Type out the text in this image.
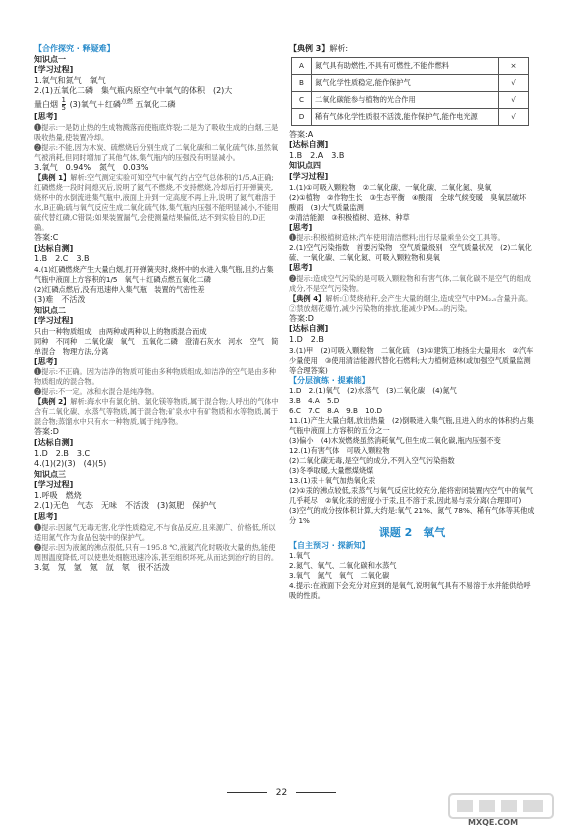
【合作探究 · 释疑难】

知识点一

[学习过程]

1.氧气和氮气　氧气

2.(1)五氧化二磷　集气瓶内原空气中氧气的体积　(2)大

量白烟 $\frac{1}{5} (3)$氧气＋红磷$^{点燃}$ 五氧化二磷

[思考]

❶提示:一是防止热的生成物溅落而使瓶底炸裂;二是为了吸收生成的白烟,三是吸收热量,使装置冷却。

❷提示:不能,因为木炭、硫燃烧后分别生成了二氧化碳和二氧化硫气体,虽然氧气被消耗,但同时增加了其他气体,集气瓶内的压强没有明显减小。

3.氧气　0.94%　氮气　0.03%

【典例 1】解析:空气测定实验可知空气中氧气约占空气总体积的1/5,A正确;红磷燃烧一段时间熄灭后,说明了氮气不燃烧,不支持燃烧,冷却后打开弹簧夹,烧杯中的水倒流进集气瓶中,液面上升到一定高度不再上升,说明了氮气难溶于水,B正确;硫与氧气反应生成二氧化硫气体,集气瓶内压强不能明显减小,不能用硫代替红磷,C错误;如果装置漏气,会使测量结果偏低,达不到实验目的,D正确。

答案:C

[达标自测]

1.B　2.C　3.B

4.(1)红磷燃烧产生大量白烟,打开弹簧夹时,烧杯中的水进入集气瓶,且约占集气瓶中液面上方容积的1/5　氧气＋红磷点燃五氧化二磷

(2)红磷点燃后,没有迅速伸入集气瓶　装置的气密性差

(3)难　不活泼

知识点二

[学习过程]

只由一种物质组成　由两种或两种以上的物质混合而成

同种　不同种　二氧化碳　氧气　五氧化二磷　澄清石灰水　河水　空气　简单混合　物理方法,分离

[思考]

❶提示:不正确。因为洁净的物质可能由多种物质组成,如洁净的空气是由多种物质组成的混合物。

❷提示:不一定。冰和水混合是纯净物。

【典例 2】解析:海水中有氯化钠、氯化镁等物质,属于混合物;人呼出的气体中含有二氧化碳、水蒸气等物质,属于混合物;矿泉水中有矿物质和水等物质,属于混合物;蒸馏水中只有水一种物质,属于纯净物。

答案:D

[达标自测]

1.D　2.B　3.C

4.(1)(2)(3)　(4)(5)

知识点三

[学习过程]

1.呼吸　燃烧

2.(1)无色　气态　无味　不活泼　(3)氮肥　保护气

[思考]

❶提示:因氮气无毒无害,化学性质稳定,不与食品反应,且来源广、价格低,所以适用氮气作为食品包装中的保护气。

❷提示:因为液氮的沸点很低,只有－195.8 ℃,液氮汽化时吸收大量的热,能使周围温度降低,可以使患处细胞迅速冷冻,甚至组织坏死,从而达到治疗的目的。

3.氦　氖　氩　氪　氙　氡　很不活泼

【典例 3】解析:

A	氮气具有助燃性,不具有可燃性,不能作燃料	×
B	氮气化学性质稳定,能作保护气	√
C	二氧化碳能参与植物的光合作用	√
D	稀有气体化学性质很不活泼,能作保护气,能作电光源	√

答案:A

[达标自测]

1.B　2.A　3.B

知识点四

[学习过程]

1.(1)①可吸入颗粒物　②二氧化碳、一氧化碳、二氧化氮、臭氧

(2)①植物　②作物生长　③生态平衡　④酸雨　全球气候变暖　臭氧层破坏　酸雨　(3)大气质量监测

②清洁能源　③积极植树、造林、种草

[思考]

❶提示:积极植树造林;汽车使用清洁燃料;出行尽量乘坐公交工具等。

2.(1)空气污染指数　首要污染物　空气质量级别　空气质量状况　(2)二氧化硫、一氧化碳、二氧化氮、可吸入颗粒物和臭氧

[思考]

❷提示:造成空气污染的是可吸入颗粒物和有害气体,二氧化碳不是空气的组成成分,不是空气污染物。

【典例 4】解析:①焚烧秸秆,会产生大量的烟尘,造成空气中PM₂.₅含量升高。②禁放烟花爆竹,减少污染物的排放,能减少PM₂.₅的污染。

答案:D

[达标自测]

1.D　2.B

3.(1)甲　(2)可吸入颗粒物　二氧化硫　(3)①建筑工地扬尘大量用水　②汽车少量使用　③使用清洁能源代替化石燃料;大力植树造林(或加强空气质量监测等合理答案)

【分层演练 · 提素能】

1.D　2.(1)氧气　(2)水蒸气　(3)二氧化碳　(4)氮气

3.B　4.A　5.D

6.C　7.C　8.A　9.B　10.D

11.(1)产生大量白烟,放出热量　(2)倒吸进入集气瓶,且进入的水的体积约占集气瓶中液面上方容积的五分之一

(3)偏小　(4)木炭燃烧虽然消耗氧气,但生成二氧化碳,瓶内压强不变

12.(1)有害气体　可吸入颗粒物

(2)二氧化碳无毒,是空气的成分,不列入空气污染指数

(3)冬季取暖,大量燃煤烧煤

13.(1)汞＋氧气加热氧化汞

(2)①汞的沸点较低,汞蒸气与氧气反应比较充分,能将密闭装置内空气中的氧气几乎耗尽　②氧化汞的密度小于汞,且不溶于汞,因此易与汞分离(合理即可)

(3)空气的成分按体积计算,大约是:氧气 21%、氮气 78%、稀有气体等其他成分 1%

课题 2　氧气

【自主预习 · 探新知】

1.氧气

2.氮气、氧气、二氧化碳和水蒸气

3.氧气　氮气　氧气　二氧化碳

4.提示:在液面下会充分对应到的是氧气,说明氧气具有不易溶于水并能供给呼吸的性质。

22
MXQE.COM
